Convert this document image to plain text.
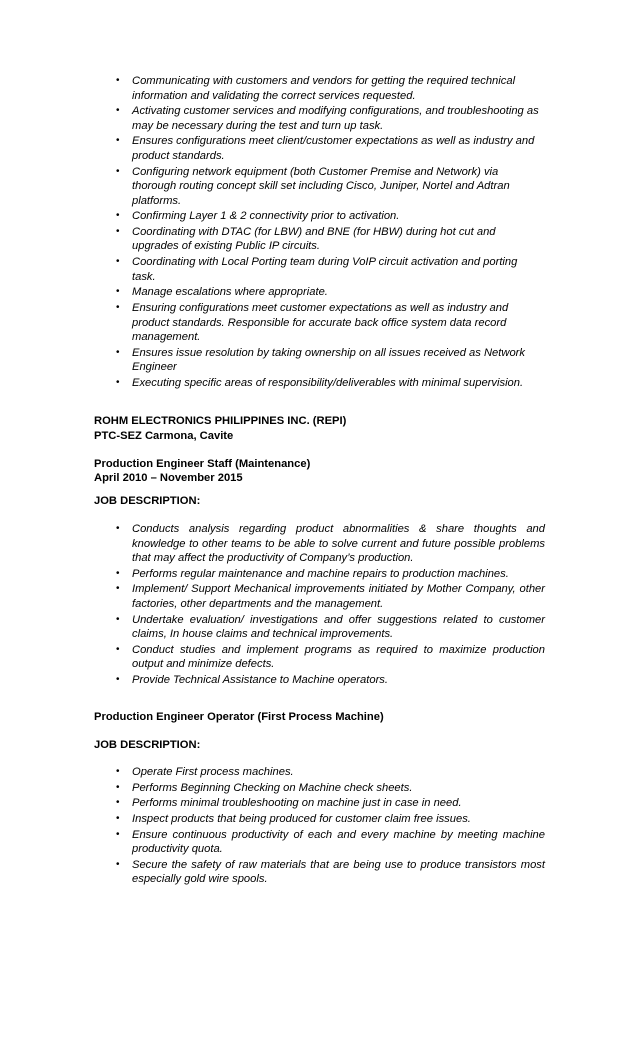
• Communicating with customers and vendors for getting the required technical information and validating the correct services requested.
• Activating customer services and modifying configurations, and troubleshooting as may be necessary during the test and turn up task.
• Ensures configurations meet client/customer expectations as well as industry and product standards.
• Configuring network equipment (both Customer Premise and Network) via thorough routing concept skill set including Cisco, Juniper, Nortel and Adtran platforms.
• Confirming Layer 1 & 2 connectivity prior to activation.
• Coordinating with DTAC (for LBW) and BNE (for HBW) during hot cut and upgrades of existing Public IP circuits.
• Coordinating with Local Porting team during VoIP circuit activation and porting task.
• Manage escalations where appropriate.
• Ensuring configurations meet customer expectations as well as industry and product standards. Responsible for accurate back office system data record management.
• Ensures issue resolution by taking ownership on all issues received as Network Engineer
• Executing specific areas of responsibility/deliverables with minimal supervision.
ROHM ELECTRONICS PHILIPPINES INC. (REPI)
PTC-SEZ Carmona, Cavite
Production Engineer Staff (Maintenance)
April 2010 – November 2015
JOB DESCRIPTION:
• Conducts analysis regarding product abnormalities & share thoughts and knowledge to other teams to be able to solve current and future possible problems that may affect the productivity of Company’s production.
• Performs regular maintenance and machine repairs to production machines.
• Implement/ Support Mechanical improvements initiated by Mother Company, other factories, other departments and the management.
• Undertake evaluation/ investigations and offer suggestions related to customer claims, In house claims and technical improvements.
• Conduct studies and implement programs as required to maximize production output and minimize defects.
• Provide Technical Assistance to Machine operators.
Production Engineer Operator (First Process Machine)
JOB DESCRIPTION:
• Operate First process machines.
• Performs Beginning Checking on Machine check sheets.
• Performs minimal troubleshooting on machine just in case in need.
• Inspect products that being produced for customer claim free issues.
• Ensure continuous productivity of each and every machine by meeting machine productivity quota.
• Secure the safety of raw materials that are being use to produce transistors most especially gold wire spools.
